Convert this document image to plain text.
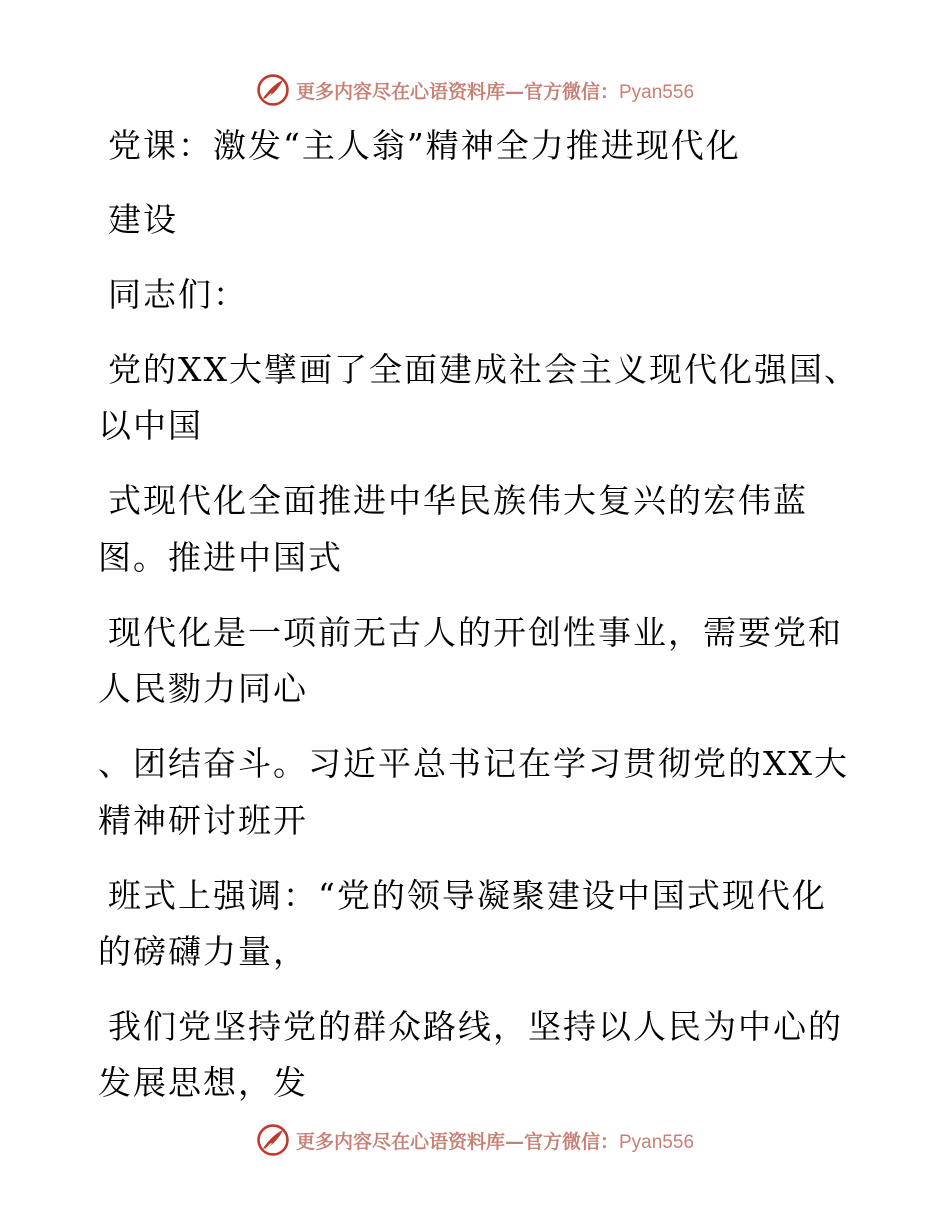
更多内容尽在心语资料库—官方微信：Pyan556
党课：激发“主人翁”精神全力推进现代化
建设
同志们：
党的XX大擘画了全面建成社会主义现代化强国、
以中国
式现代化全面推进中华民族伟大复兴的宏伟蓝
图。推进中国式
现代化是一项前无古人的开创性事业，需要党和
人民勠力同心
、团结奋斗。习近平总书记在学习贯彻党的XX大
精神研讨班开
班式上强调：“党的领导凝聚建设中国式现代化
的磅礴力量，
我们党坚持党的群众路线，坚持以人民为中心的
发展思想，发
更多内容尽在心语资料库—官方微信：Pyan556
